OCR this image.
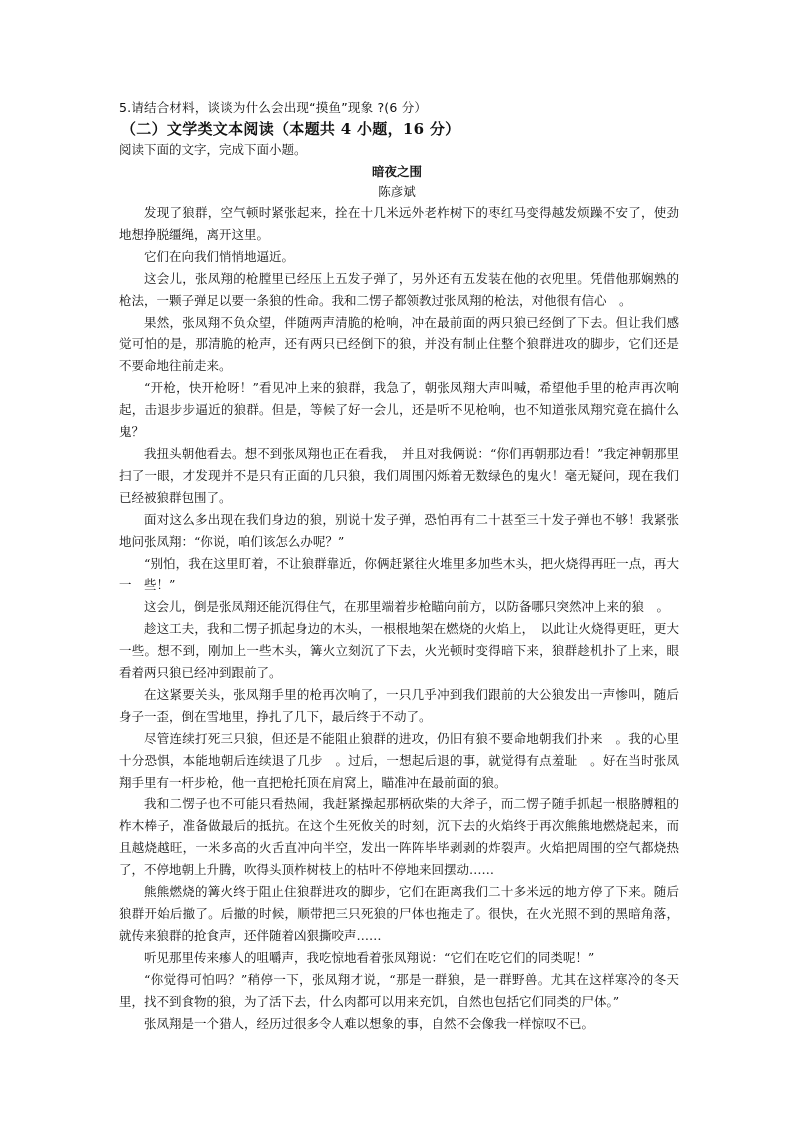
5.请结合材料，谈谈为什么会出现“摸鱼”现象 ?(6 分）
（二）文学类文本阅读（本题共 4 小题，16 分）
阅读下面的文字，完成下面小题。
暗夜之围
陈彦斌

发现了狼群，空气顿时紧张起来，拴在十几米远外老柞树下的枣红马变得越发烦躁不安了，使劲地想挣脱缰绳，离开这里。

它们在向我们悄悄地逼近。

这会儿，张凤翔的枪膛里已经压上五发子弹了，另外还有五发装在他的衣兜里。凭借他那娴熟的枪法，一颗子弹足以要一条狼的性命。我和二愣子都领教过张凤翔的枪法，对他很有信心　。

果然，张凤翔不负众望，伴随两声清脆的枪响，冲在最前面的两只狼已经倒了下去。但让我们感觉可怕的是，那清脆的枪声，还有两只已经倒下的狼，并没有制止住整个狼群进攻的脚步，它们还是不要命地往前走来。

“开枪，快开枪呀！”看见冲上来的狼群，我急了，朝张凤翔大声叫喊，希望他手里的枪声再次响起，击退步步逼近的狼群。但是，等候了好一会儿，还是听不见枪响，也不知道张凤翔究竟在搞什么鬼？

我扭头朝他看去。想不到张凤翔也正在看我，　并且对我俩说：“你们再朝那边看！”我定神朝那里扫了一眼，才发现并不是只有正面的几只狼，我们周围闪烁着无数绿色的鬼火！毫无疑问，现在我们已经被狼群包围了。

面对这么多出现在我们身边的狼，别说十发子弹，恐怕再有二十甚至三十发子弹也不够！我紧张地问张凤翔：“你说，咱们该怎么办呢？”

“别怕，我在这里盯着，不让狼群靠近，你俩赶紧往火堆里多加些木头，把火烧得再旺一点，再大一　些！”

这会儿，倒是张凤翔还能沉得住气，在那里端着步枪瞄向前方，以防备哪只突然冲上来的狼　。

趁这工夫，我和二愣子抓起身边的木头，一根根地架在燃烧的火焰上，　以此让火烧得更旺，更大一些。想不到，刚加上一些木头，篝火立刻沉了下去，火光顿时变得暗下来，狼群趁机扑了上来，眼看着两只狼已经冲到跟前了。

在这紧要关头，张凤翔手里的枪再次响了，一只几乎冲到我们跟前的大公狼发出一声惨叫，随后身子一歪，倒在雪地里，挣扎了几下，最后终于不动了。

尽管连续打死三只狼，但还是不能阻止狼群的进攻，仍旧有狼不要命地朝我们扑来　。我的心里十分恐惧，本能地朝后连续退了几步　。过后，一想起后退的事，就觉得有点羞耻　。好在当时张凤翔手里有一杆步枪，他一直把枪托顶在肩窝上，瞄准冲在最前面的狼。

我和二愣子也不可能只看热闹，我赶紧操起那柄砍柴的大斧子，而二愣子随手抓起一根胳膊粗的柞木棒子，准备做最后的抵抗。在这个生死攸关的时刻，沉下去的火焰终于再次熊熊地燃烧起来，而且越烧越旺，一米多高的火舌直冲向半空，发出一阵阵毕毕剥剥的炸裂声。火焰把周围的空气都烧热了，不停地朝上升腾，吹得头顶柞树枝上的枯叶不停地来回摆动……

熊熊燃烧的篝火终于阻止住狼群进攻的脚步，它们在距离我们二十多米远的地方停了下来。随后狼群开始后撤了。后撤的时候，顺带把三只死狼的尸体也拖走了。很快，在火光照不到的黑暗角落，就传来狼群的抢食声，还伴随着凶狠撕咬声……

听见那里传来瘆人的咀嚼声，我吃惊地看着张凤翔说：“它们在吃它们的同类呢！”

“你觉得可怕吗？”稍停一下，张凤翔才说，“那是一群狼，是一群野兽。尤其在这样寒冷的冬天里，找不到食物的狼，为了活下去，什么肉都可以用来充饥，自然也包括它们同类的尸体。”

张凤翔是一个猎人，经历过很多令人难以想象的事，自然不会像我一样惊叹不已。
